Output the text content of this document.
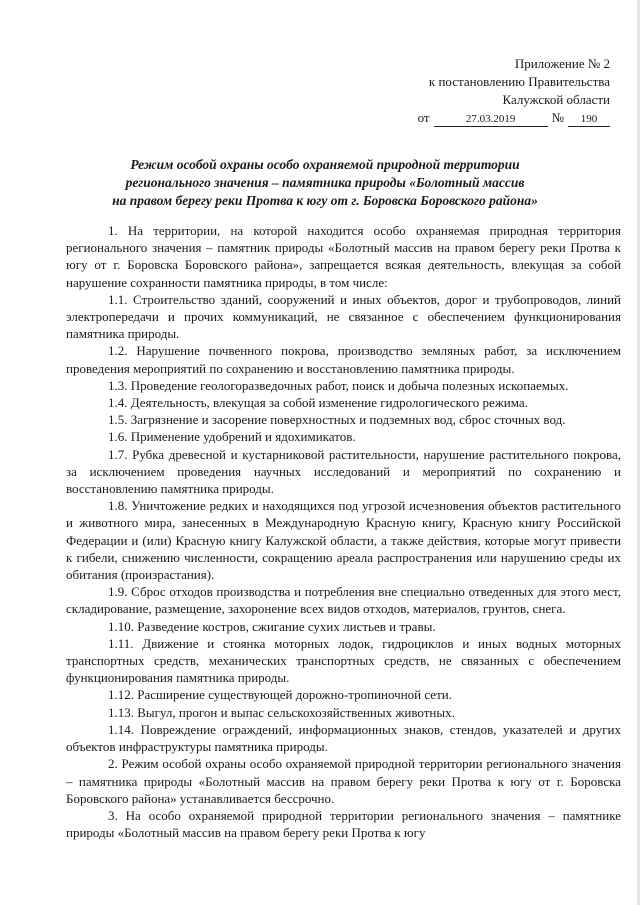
Приложение № 2
к постановлению Правительства
Калужской области
от	27.03.2019	№	190
Режим особой охраны особо охраняемой природной территории
регионального значения – памятника природы «Болотный массив
на правом берегу реки Протва к югу от г. Боровска Боровского района»

1. На территории, на которой находится особо охраняемая природная территория регионального значения – памятник природы «Болотный массив на правом берегу реки Протва к югу от г. Боровска Боровского района», запрещается всякая деятельность, влекущая за собой нарушение сохранности памятника природы, в том числе:

1.1. Строительство зданий, сооружений и иных объектов, дорог и трубопроводов, линий электропередачи и прочих коммуникаций, не связанное с обеспечением функционирования памятника природы.

1.2. Нарушение почвенного покрова, производство земляных работ, за исключением проведения мероприятий по сохранению и восстановлению памятника природы.

1.3. Проведение геологоразведочных работ, поиск и добыча полезных ископаемых.

1.4. Деятельность, влекущая за собой изменение гидрологического режима.

1.5. Загрязнение и засорение поверхностных и подземных вод, сброс сточных вод.

1.6. Применение удобрений и ядохимикатов.

1.7. Рубка древесной и кустарниковой растительности, нарушение растительного покрова, за исключением проведения научных исследований и мероприятий по сохранению и восстановлению памятника природы.

1.8. Уничтожение редких и находящихся под угрозой исчезновения объектов растительного и животного мира, занесенных в Международную Красную книгу, Красную книгу Российской Федерации и (или) Красную книгу Калужской области, а также действия, которые могут привести к гибели, снижению численности, сокращению ареала распространения или нарушению среды их обитания (произрастания).

1.9. Сброс отходов производства и потребления вне специально отведенных для этого мест, складирование, размещение, захоронение всех видов отходов, материалов, грунтов, снега.

1.10. Разведение костров, сжигание сухих листьев и травы.

1.11. Движение и стоянка моторных лодок, гидроциклов и иных водных моторных транспортных средств, механических транспортных средств, не связанных с обеспечением функционирования памятника природы.

1.12. Расширение существующей дорожно-тропиночной сети.

1.13. Выгул, прогон и выпас сельскохозяйственных животных.

1.14. Повреждение ограждений, информационных знаков, стендов, указателей и других объектов инфраструктуры памятника природы.

2. Режим особой охраны особо охраняемой природной территории регионального значения – памятника природы «Болотный массив на правом берегу реки Протва к югу от г. Боровска Боровского района» устанавливается бессрочно.

3. На особо охраняемой природной территории регионального значения – памятнике природы «Болотный массив на правом берегу реки Протва к югу
